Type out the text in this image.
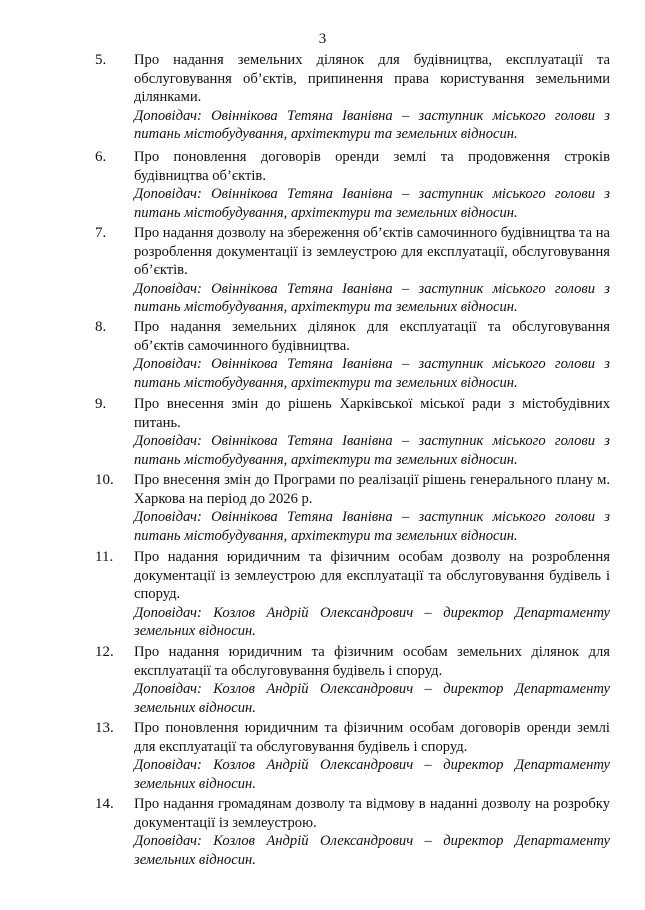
3
5. Про надання земельних ділянок для будівництва, експлуатації та обслуговування об’єктів, припинення права користування земельними ділянками.

Доповідач: Овіннікова Тетяна Іванівна – заступник міського голови з питань містобудування, архітектури та земельних відносин.

6. Про поновлення договорів оренди землі та продовження строків будівництва об’єктів.

Доповідач: Овіннікова Тетяна Іванівна – заступник міського голови з питань містобудування, архітектури та земельних відносин.

7. Про надання дозволу на збереження об’єктів самочинного будівництва та на розроблення документації із землеустрою для експлуатації, обслуговування об’єктів.

Доповідач: Овіннікова Тетяна Іванівна – заступник міського голови з питань містобудування, архітектури та земельних відносин.

8. Про надання земельних ділянок для експлуатації та обслуговування об’єктів самочинного будівництва.

Доповідач: Овіннікова Тетяна Іванівна – заступник міського голови з питань містобудування, архітектури та земельних відносин.

9. Про внесення змін до рішень Харківської міської ради з містобудівних питань.

Доповідач: Овіннікова Тетяна Іванівна – заступник міського голови з питань містобудування, архітектури та земельних відносин.

10. Про внесення змін до Програми по реалізації рішень генерального плану м. Харкова на період до 2026 р.

Доповідач: Овіннікова Тетяна Іванівна – заступник міського голови з питань містобудування, архітектури та земельних відносин.

11. Про надання юридичним та фізичним особам дозволу на розроблення документації із землеустрою для експлуатації та обслуговування будівель і споруд.

Доповідач: Козлов Андрій Олександрович – директор Департаменту земельних відносин.

12. Про надання юридичним та фізичним особам земельних ділянок для експлуатації та обслуговування будівель і споруд.

Доповідач: Козлов Андрій Олександрович – директор Департаменту земельних відносин.

13. Про поновлення юридичним та фізичним особам договорів оренди землі для експлуатації та обслуговування будівель і споруд.

Доповідач: Козлов Андрій Олександрович – директор Департаменту земельних відносин.

14. Про надання громадянам дозволу та відмову в наданні дозволу на розробку документації із землеустрою.

Доповідач: Козлов Андрій Олександрович – директор Департаменту земельних відносин.
